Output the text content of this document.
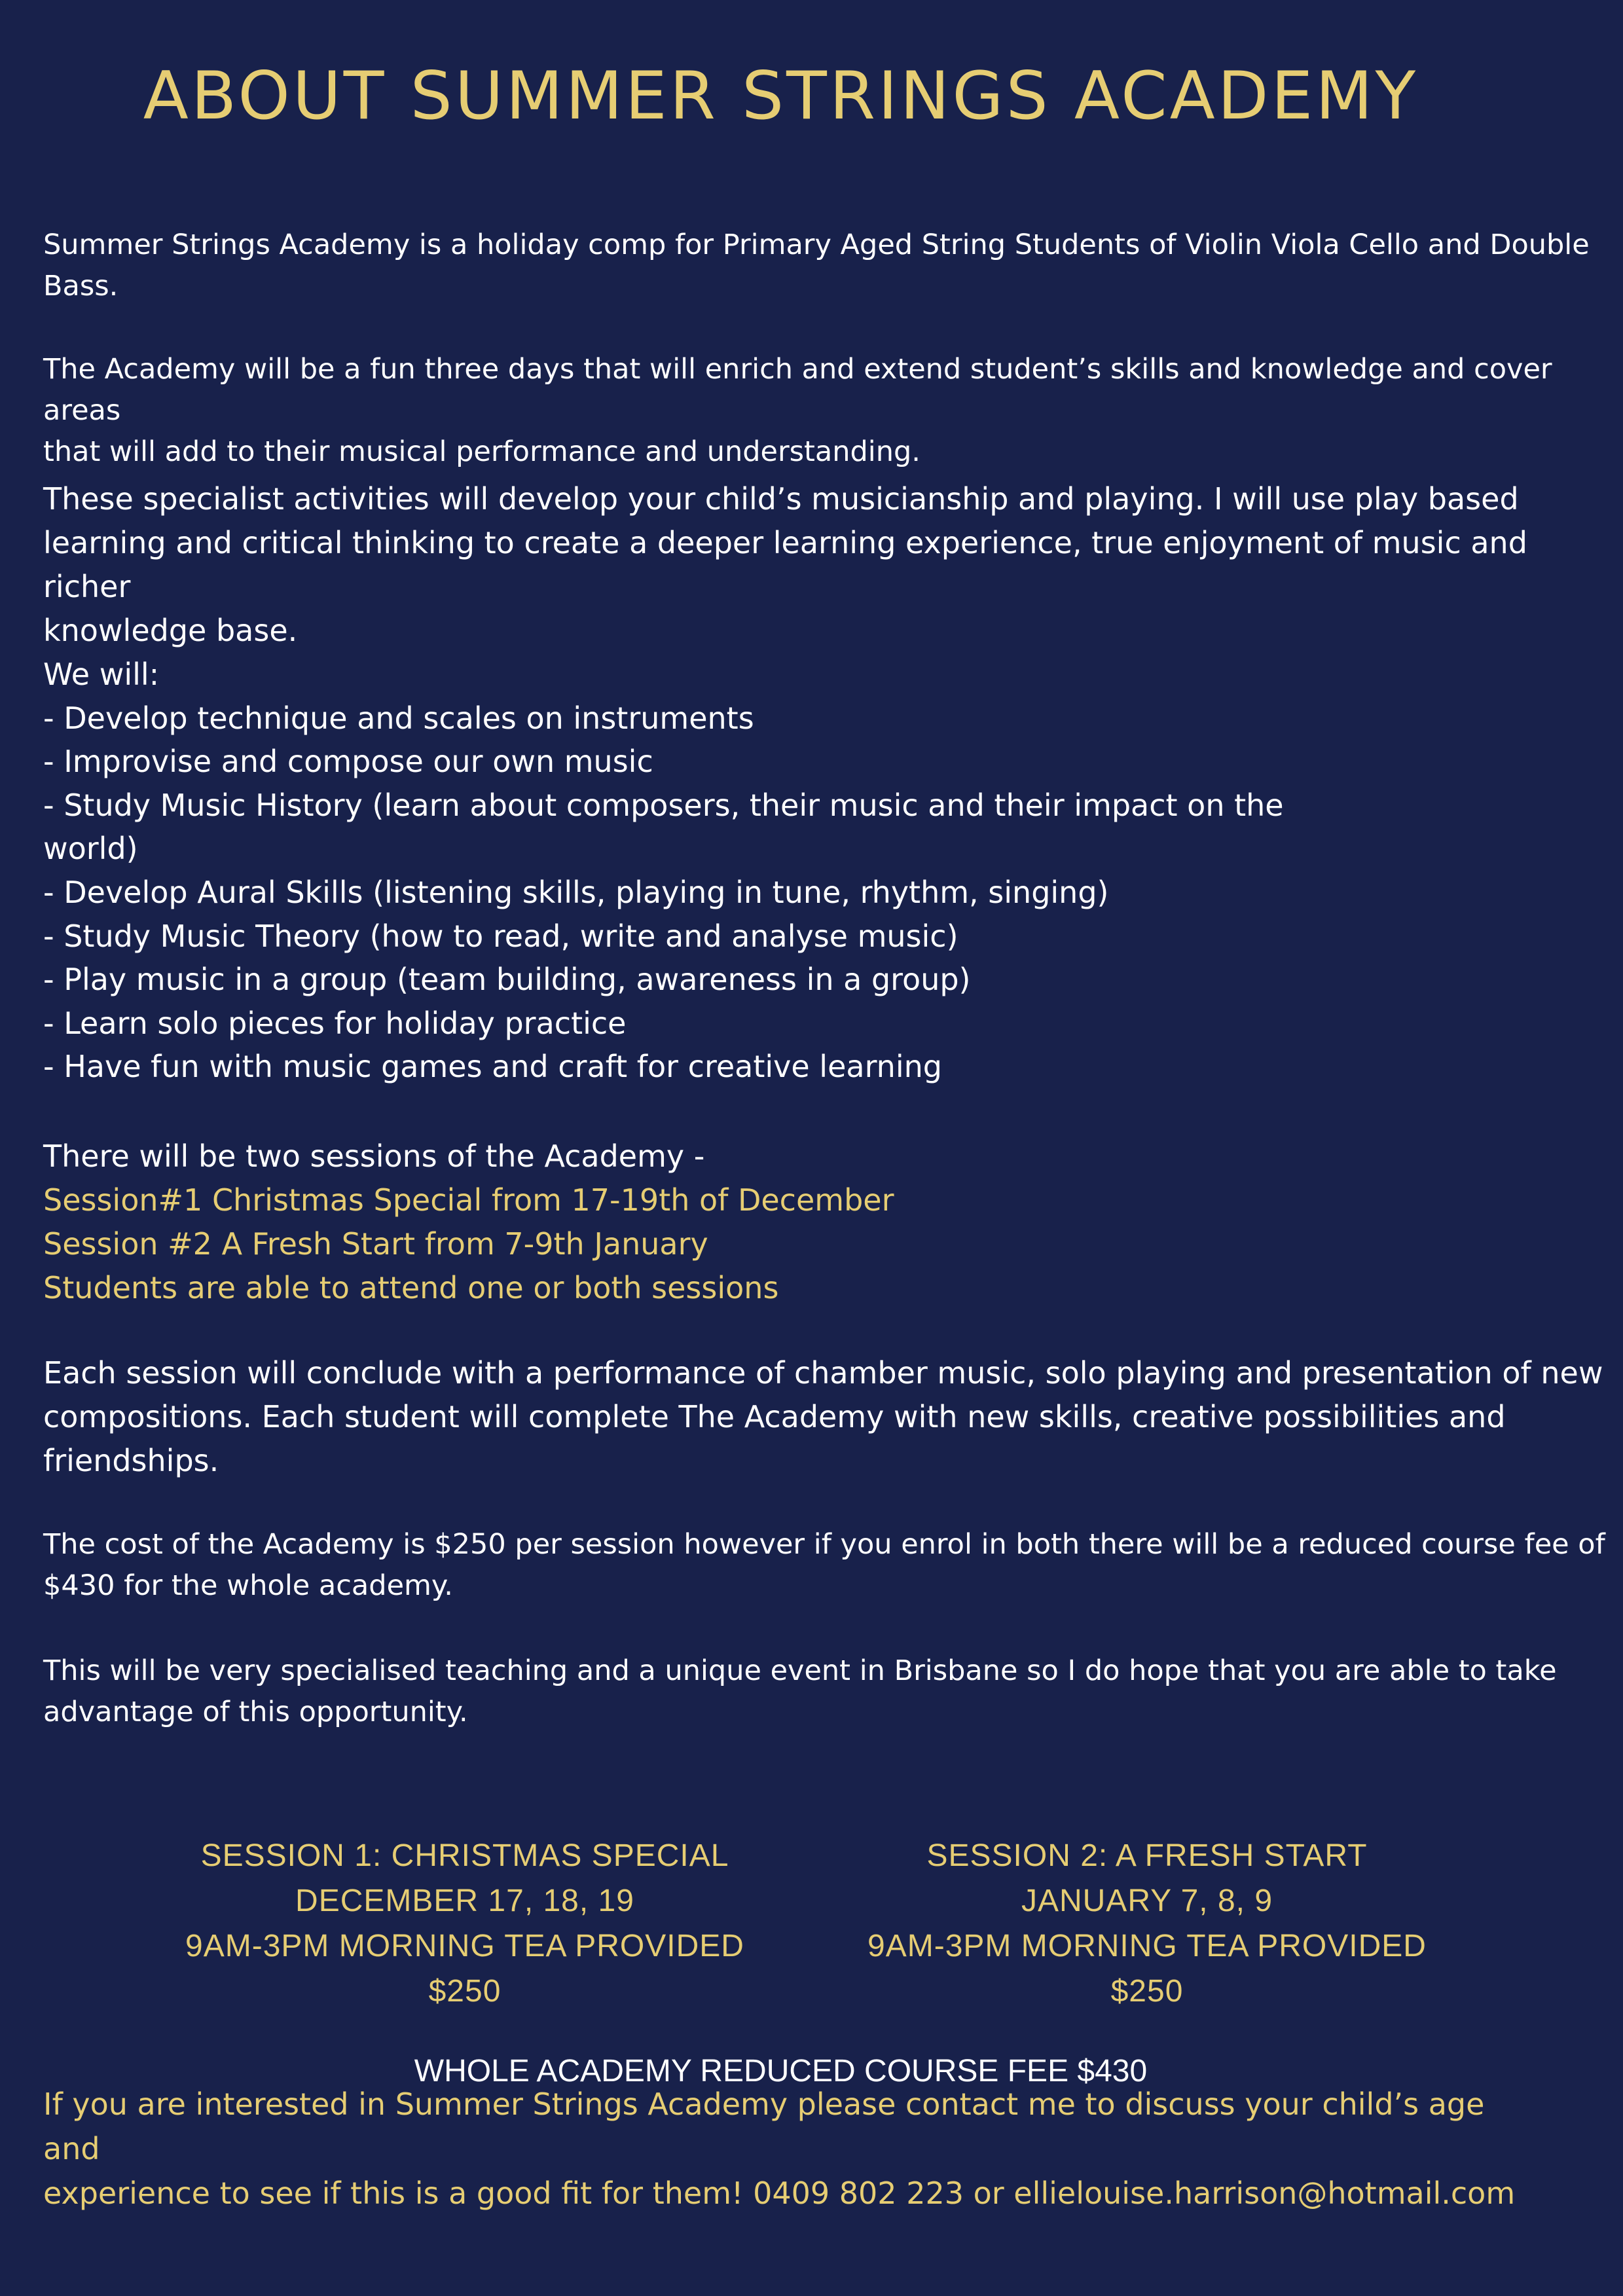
ABOUT SUMMER STRINGS ACADEMY

Summer Strings Academy is a holiday comp for Primary Aged String Students of Violin Viola Cello and Double
Bass.

The Academy will be a fun three days that will enrich and extend student’s skills and knowledge and cover areas
that will add to their musical performance and understanding.

These specialist activities will develop your child’s musicianship and playing. I will use play based
learning and critical thinking to create a deeper learning experience, true enjoyment of music and richer
knowledge base.

We will:
- Develop technique and scales on instruments
- Improvise and compose our own music
- Study Music History (learn about composers, their music and their impact on the
world)
- Develop Aural Skills (listening skills, playing in tune, rhythm, singing)
- Study Music Theory (how to read, write and analyse music)
- Play music in a group (team building, awareness in a group)
- Learn solo pieces for holiday practice
- Have fun with music games and craft for creative learning
There will be two sessions of the Academy -
Session#1 Christmas Special from 17-19th of December
Session #2 A Fresh Start from 7-9th January
Students are able to attend one or both sessions

Each session will conclude with a performance of chamber music, solo playing and presentation of new
compositions. Each student will complete The Academy with new skills, creative possibilities and
friendships.

The cost of the Academy is $250 per session however if you enrol in both there will be a reduced course fee of
$430 for the whole academy.

This will be very specialised teaching and a unique event in Brisbane so I do hope that you are able to take
advantage of this opportunity.

SESSION 1: CHRISTMAS SPECIAL
DECEMBER 17, 18, 19
9AM-3PM MORNING TEA PROVIDED
$250
SESSION 2: A FRESH START
JANUARY 7, 8, 9
9AM-3PM MORNING TEA PROVIDED
$250
WHOLE ACADEMY REDUCED COURSE FEE $430
If you are interested in Summer Strings Academy please contact me to discuss your child’s age and
experience to see if this is a good fit for them! 0409 802 223 or ellielouise.harrison@hotmail.com
